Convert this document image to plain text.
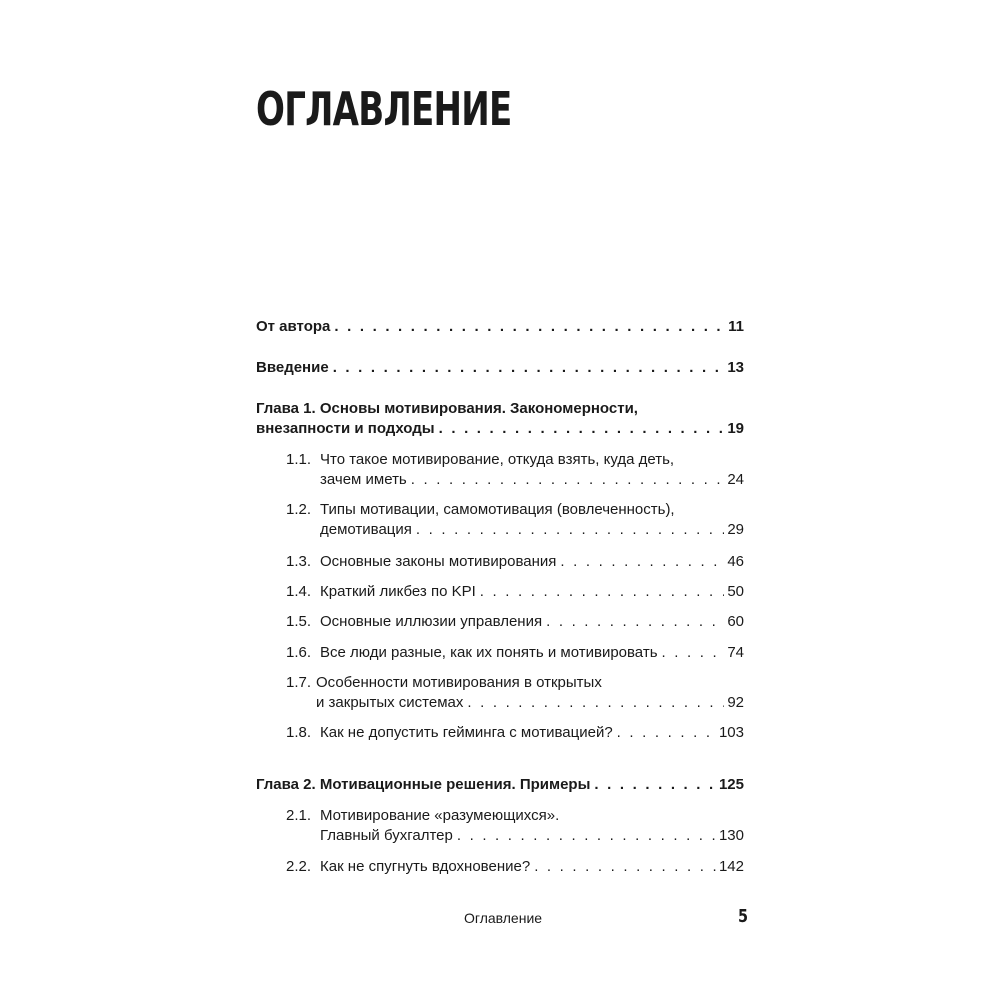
ОГЛАВЛЕНИЕ
От автора . . .	11
Введение . . .	13
Глава 1. Основы мотивирования. Закономерности,
внезапности и подходы . . .	19
1.1. Что такое мотивирование, откуда взять, куда деть,
зачем иметь . . .	24
1.2. Типы мотивации, самомотивация (вовлеченность),
демотивация . . .	29
1.3. Основные законы мотивирования . . .	46
1.4. Краткий ликбез по KPI . . .	50
1.5. Основные иллюзии управления . . .	60
1.6. Все люди разные, как их понять и мотивировать . . .	74
1.7. Особенности мотивирования в открытых
и закрытых системах . . .	92
1.8. Как не допустить гейминга с мотивацией? . . .	103
Глава 2. Мотивационные решения. Примеры . . .	125
2.1. Мотивирование «разумеющихся».
Главный бухгалтер . . .	130
2.2. Как не спугнуть вдохновение? . . .	142
Оглавление	5
